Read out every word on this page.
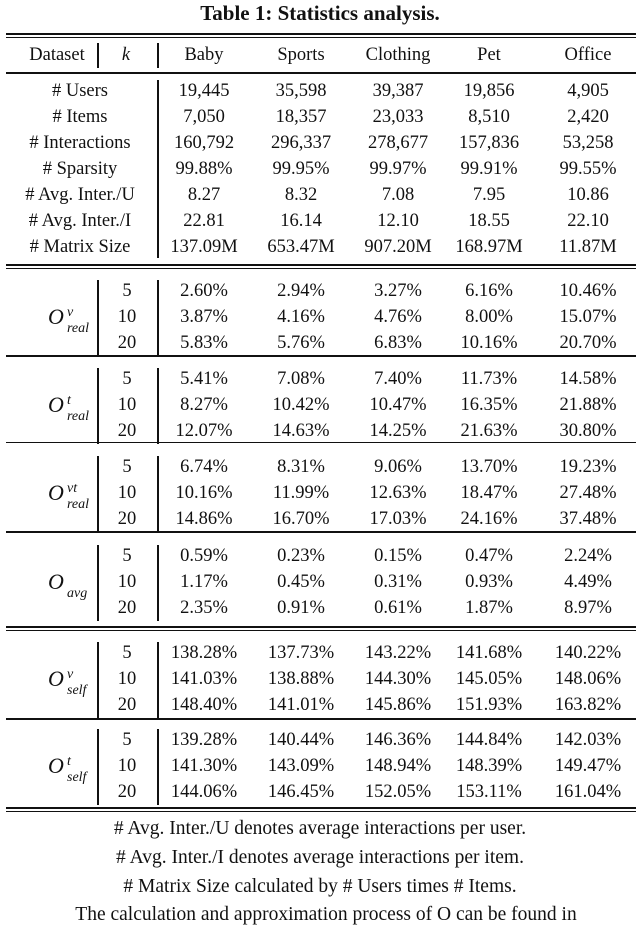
Table 1: Statistics analysis.
Dataset k	Baby	Sports Clothing	Pet	Office
# Users	19,445 35,598 39,387 19,856	4,905
# Items	7,050	18,357 23,033 8,510	2,420
# Interactions 160,792 296,337 278,677 157,836 53,258
# Sparsity	99.88% 99.95% 99.97% 99.91% 99.55%
# Avg. Inter./U	8.27	8.32	7.08	7.95	10.86
# Avg. Inter./I	22.81	16.14	12.10	18.55	22.10
# Matrix Size 137.09M 653.47M 907.20M 168.97M 11.87M
O v
real
5	2.60%	2.94%	3.27% 6.16%	10.46%
10 3.87%	4.16%	4.76% 8.00%	15.07%
20 5.83%	5.76%	6.83% 10.16% 20.70%
O t
real
5	5.41%	7.08%	7.40% 11.73% 14.58%
10 8.27% 10.42% 10.47% 16.35% 21.88%
20 12.07% 14.63% 14.25% 21.63% 30.80%
O vt
real
5	6.74%	8.31%	9.06% 13.70% 19.23%
10 10.16% 11.99% 12.63% 18.47% 27.48%
20 14.86% 16.70% 17.03% 24.16% 37.48%
O avg
5	0.59%	0.23%	0.15% 0.47%	2.24%
10 1.17%	0.45%	0.31% 0.93%	4.49%
20 2.35%	0.91%	0.61% 1.87%	8.97%
O v
self
5 138.28% 137.73% 143.22% 141.68% 140.22%
10 141.03% 138.88% 144.30% 145.05% 148.06%
20 148.40% 141.01% 145.86% 151.93% 163.82%
O t
self
5 139.28% 140.44% 146.36% 144.84% 142.03%
10 141.30% 143.09% 148.94% 148.39% 149.47%
20 144.06% 146.45% 152.05% 153.11% 161.04%
# Avg. Inter./U denotes average interactions per user.
# Avg. Inter./I denotes average interactions per item.
# Matrix Size calculated by # Users times # Items.
The calculation and approximation process of O can be found in
